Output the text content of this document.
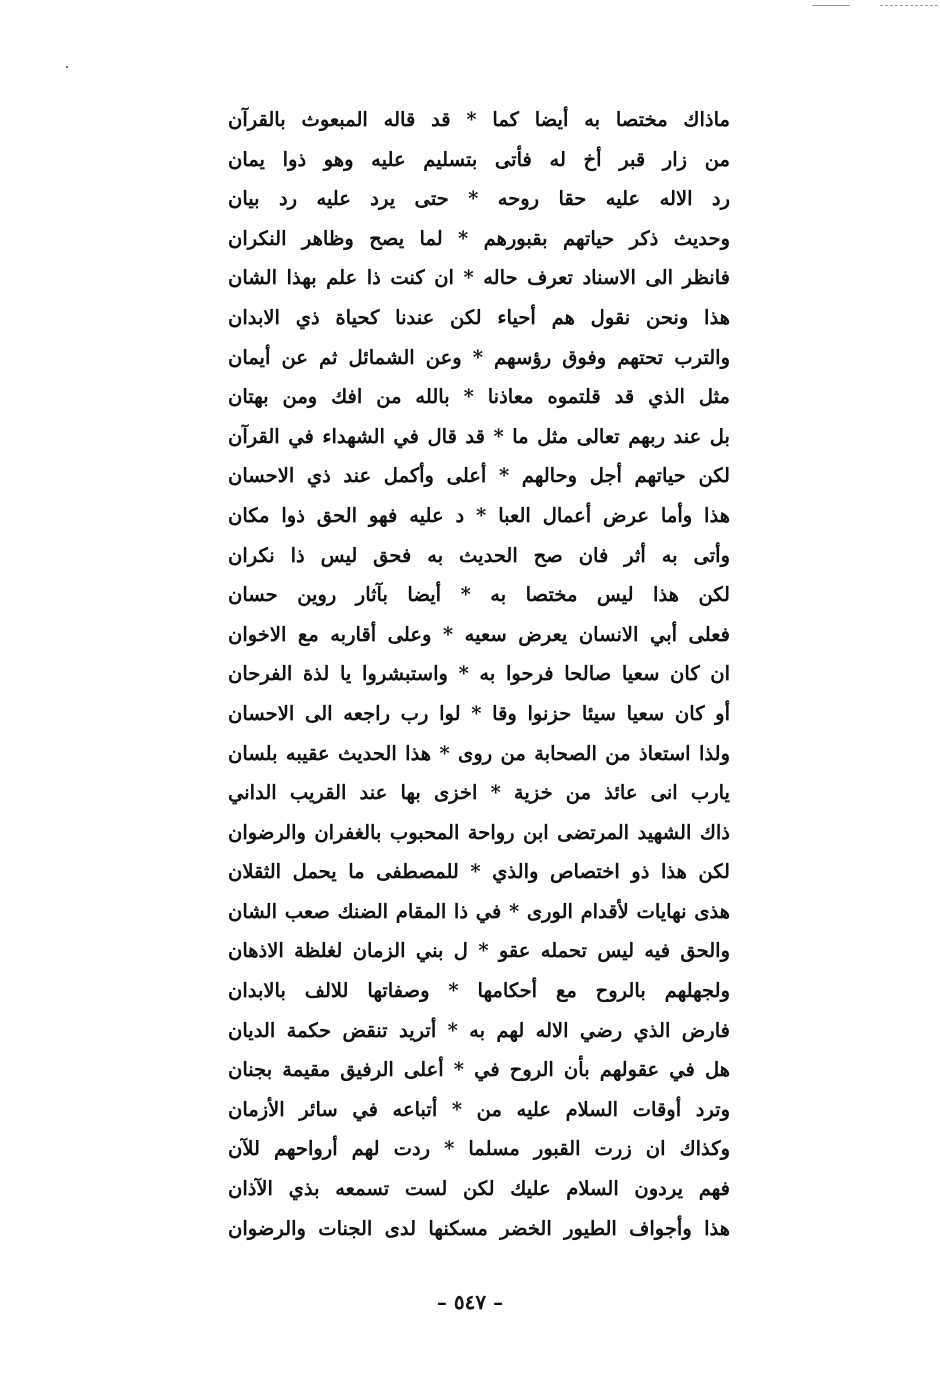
ماذاك مختصا به أيضا كما * قد قاله المبعوث بالقرآن
من زار قبر أخ له فأتى بتسليم عليه وهو ذوا يمان
رد الاله عليه حقا روحه * حتى يرد عليه رد بيان
وحديث ذكر حياتهم بقبورهم * لما يصح وظاهر النكران
فانظر الى الاسناد تعرف حاله * ان كنت ذا علم بهذا الشان
هذا ونحن نقول هم أحياء لكن عندنا كحياة ذي الابدان
والترب تحتهم وفوق رؤسهم * وعن الشمائل ثم عن أيمان
مثل الذي قد قلتموه معاذنا * بالله من افك ومن بهتان
بل عند ربهم تعالى مثل ما * قد قال في الشهداء في القرآن
لكن حياتهم أجل وحالهم * أعلى وأكمل عند ذي الاحسان
هذا وأما عرض أعمال العبا * د عليه فهو الحق ذوا مكان
وأتى به أثر فان صح الحديث به فحق ليس ذا نكران
لكن هذا ليس مختصا به * أيضا بآثار روين حسان
فعلى أبي الانسان يعرض سعيه * وعلى أقاربه مع الاخوان
ان كان سعيا صالحا فرحوا به * واستبشروا يا لذة الفرحان
أو كان سعيا سيئا حزنوا وقا * لوا رب راجعه الى الاحسان
ولذا استعاذ من الصحابة من روى * هذا الحديث عقيبه بلسان
يارب انى عائذ من خزية * اخزى بها عند القريب الداني
ذاك الشهيد المرتضى ابن رواحة المحبوب بالغفران والرضوان
لكن هذا ذو اختصاص والذي * للمصطفى ما يحمل الثقلان
هذى نهايات لأقدام الورى * في ذا المقام الضنك صعب الشان
والحق فيه ليس تحمله عقو * ل بني الزمان لغلظة الاذهان
ولجهلهم بالروح مع أحكامها * وصفاتها للالف بالابدان
فارض الذي رضي الاله لهم به * أتريد تنقض حكمة الديان
هل في عقولهم بأن الروح في * أعلى الرفيق مقيمة بجنان
وترد أوقات السلام عليه من * أتباعه في سائر الأزمان
وكذاك ان زرت القبور مسلما * ردت لهم أرواحهم للآن
فهم يردون السلام عليك لكن لست تسمعه بذي الآذان
هذا وأجواف الطيور الخضر مسكنها لدى الجنات والرضوان
– ٥٤٧ –
